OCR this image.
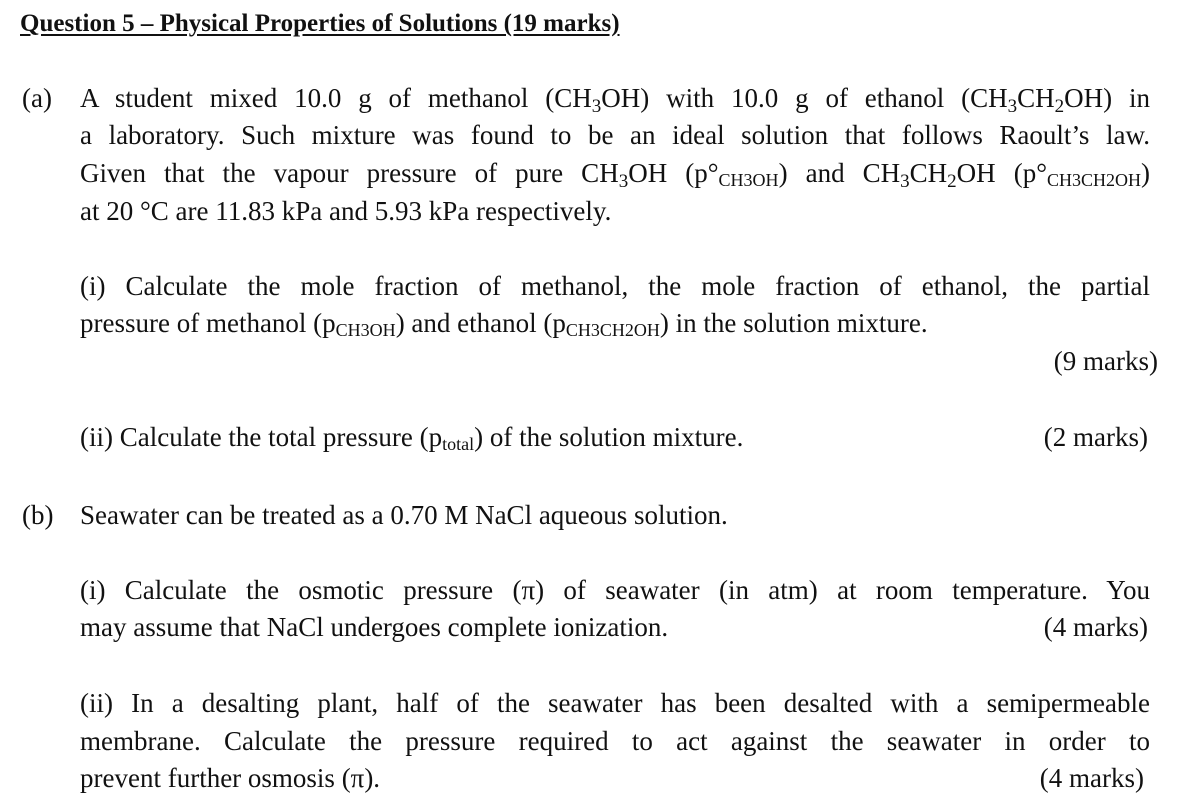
Question 5 – Physical Properties of Solutions (19 marks)
(a) A student mixed 10.0 g of methanol $(CH_3OH)$ with 10.0 g of ethanol $(CH_3CH_2OH)$ in
a laboratory. Such mixture was found to be an ideal solution that follows Raoult’s law.
Given that the vapour pressure of pure $CH_3OH$ (p°CH3OH) and $CH_3CH_2OH$ (p°CH3CH2OH)
at 20 °C are 11.83 kPa and 5.93 kPa respectively.
(i) Calculate the mole fraction of methanol, the mole fraction of ethanol, the partial
pressure of methanol (pCH3OH) and ethanol (pCH3CH2OH) in the solution mixture.
(9 marks)
(ii) Calculate the total pressure (ptotal) of the solution mixture.	(2 marks)
(b) Seawater can be treated as a 0.70 M NaCl aqueous solution.
(i) Calculate the osmotic pressure (π) of seawater (in atm) at room temperature. You
may assume that NaCl undergoes complete ionization.	(4 marks)
(ii) In a desalting plant, half of the seawater has been desalted with a semipermeable
membrane. Calculate the pressure required to act against the seawater in order to
prevent further osmosis (π).	(4 marks)
